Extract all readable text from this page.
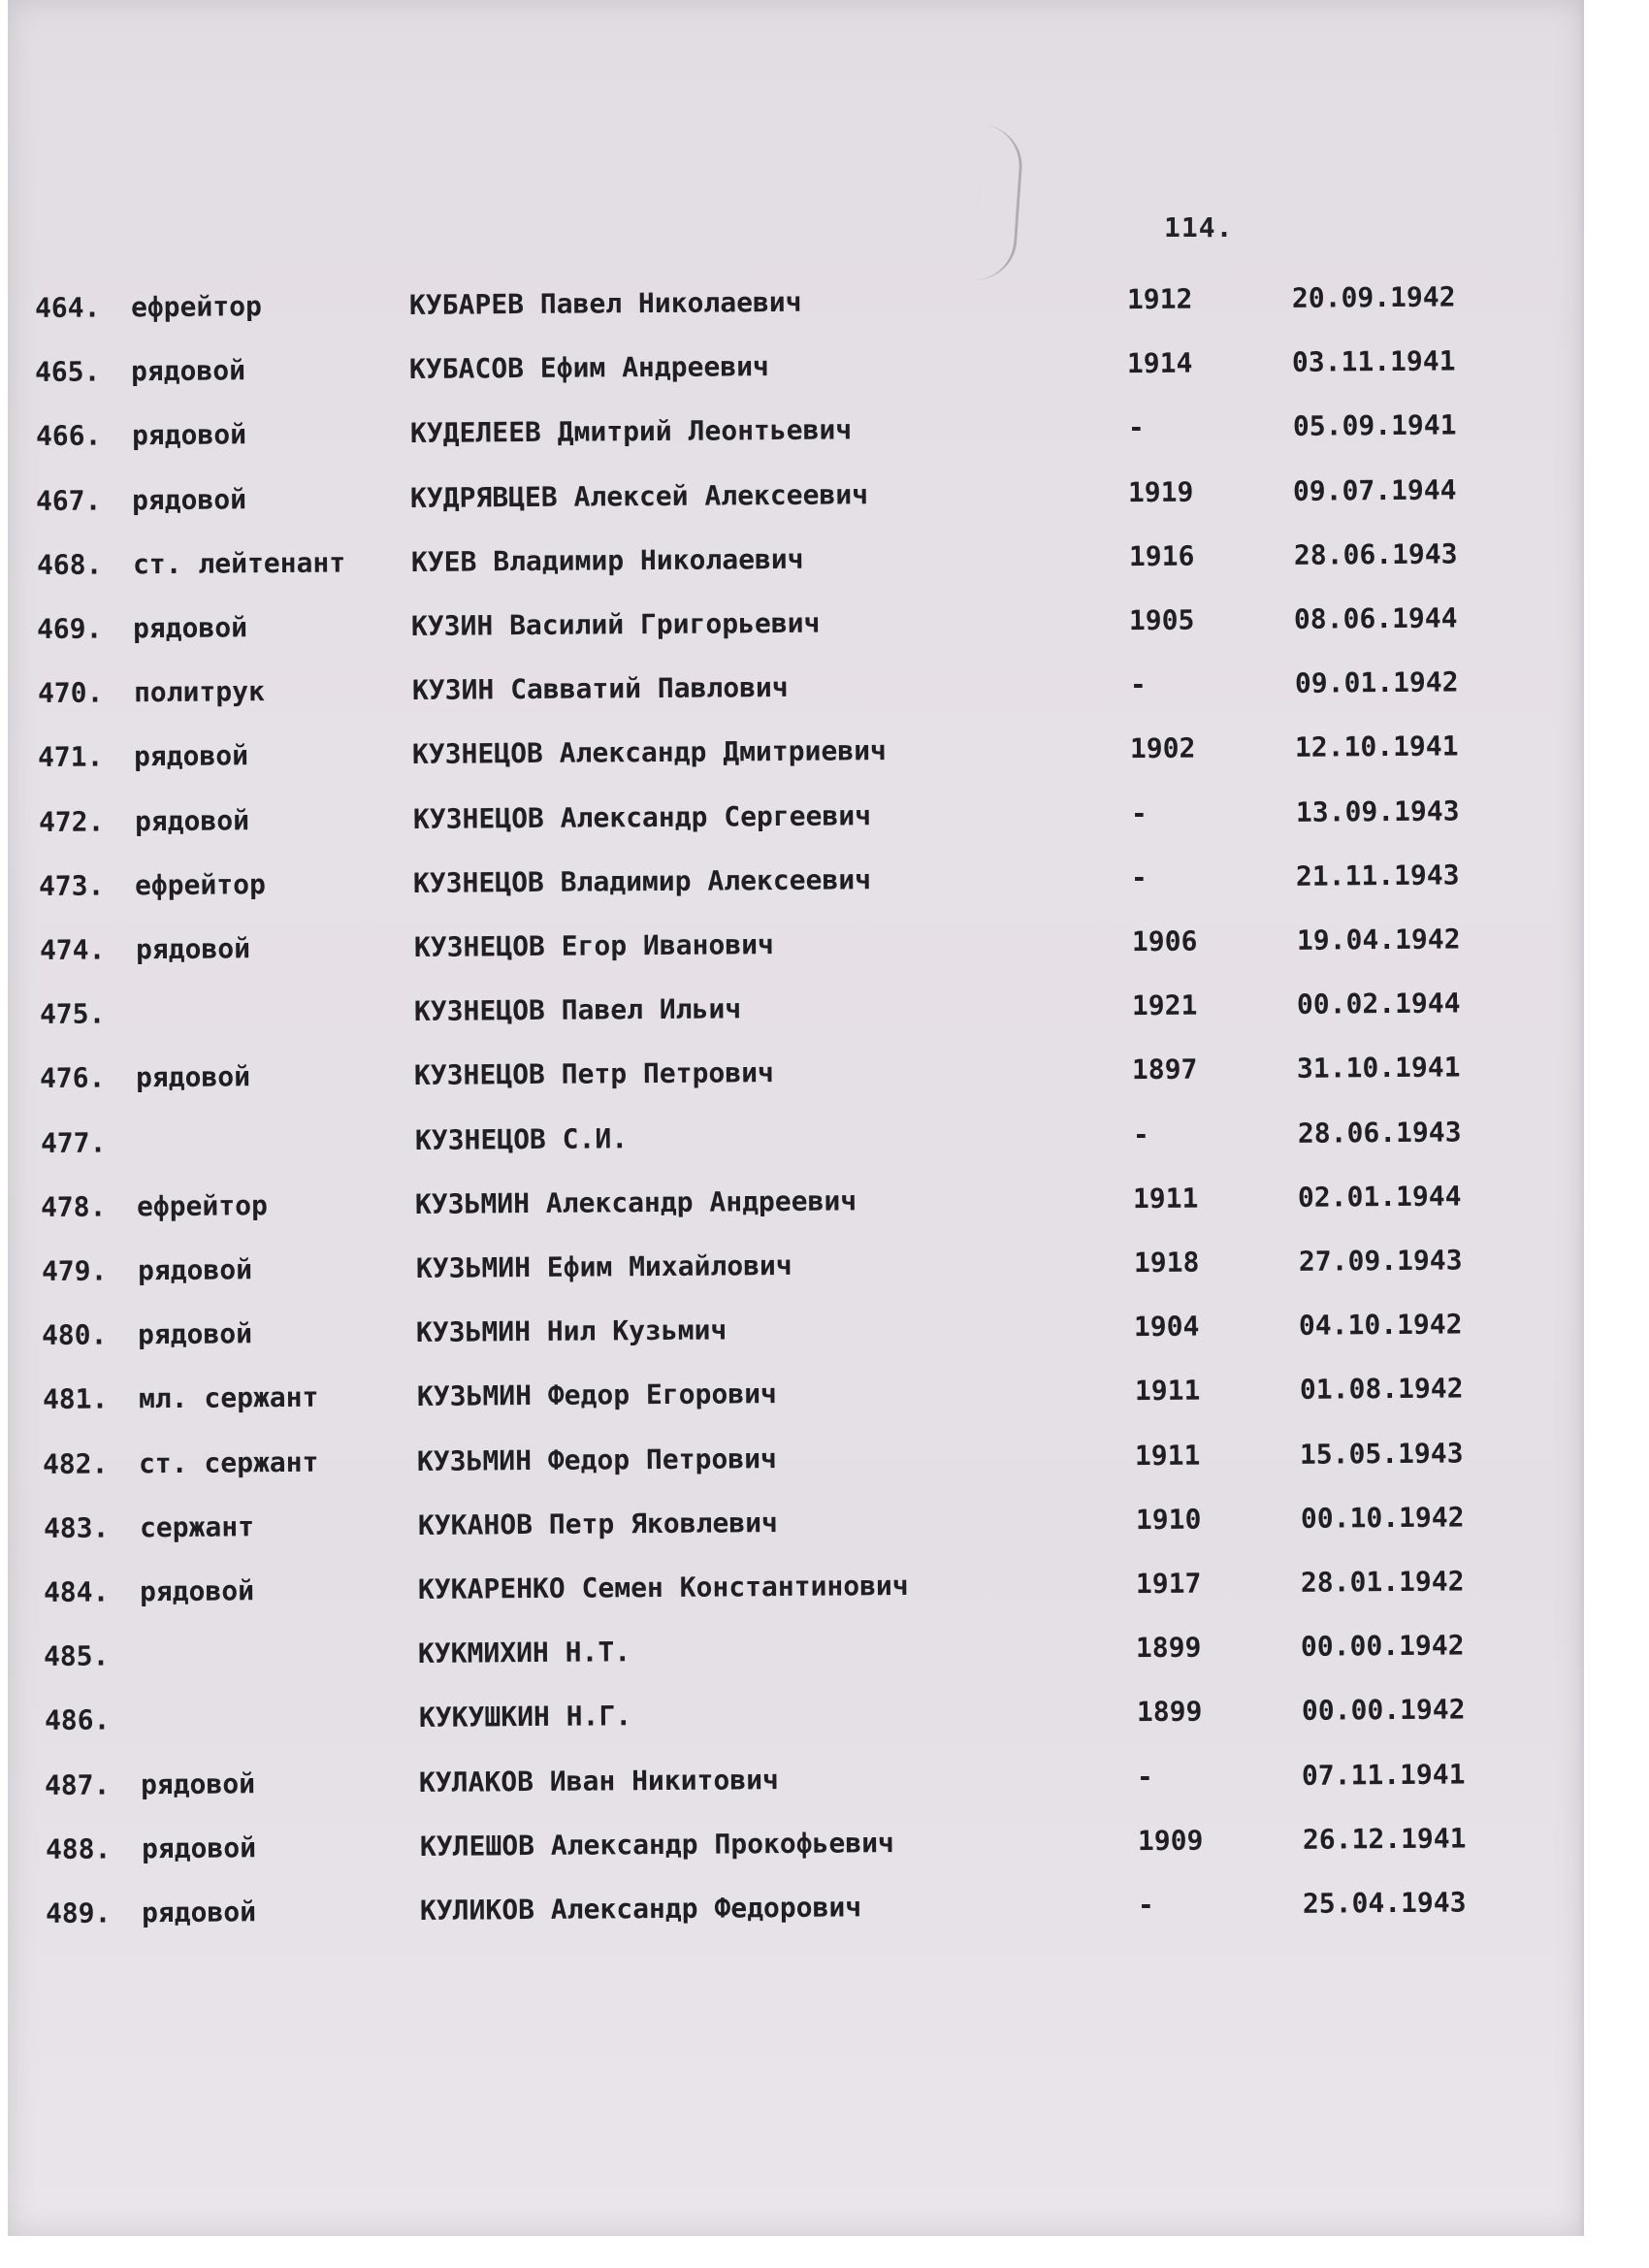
114.
464. ефрейтор	КУБАРЕВ Павел Николаевич	1912	20.09.1942
465. рядовой	КУБАСОВ Ефим Андреевич	1914	03.11.1941
466. рядовой	КУДЕЛЕЕВ Дмитрий Леонтьевич	-	05.09.1941
467. рядовой	КУДРЯВЦЕВ Алексей Алексеевич	1919	09.07.1944
468. ст. лейтенант КУЕВ Владимир Николаевич	1916	28.06.1943
469. рядовой	КУЗИН Василий Григорьевич	1905	08.06.1944
470. политрук	КУЗИН Савватий Павлович	-	09.01.1942
471. рядовой	КУЗНЕЦОВ Александр Дмитриевич	1902	12.10.1941
472. рядовой	КУЗНЕЦОВ Александр Сергеевич	-	13.09.1943
473. ефрейтор	КУЗНЕЦОВ Владимир Алексеевич	-	21.11.1943
474. рядовой	КУЗНЕЦОВ Егор Иванович	1906	19.04.1942
475.	КУЗНЕЦОВ Павел Ильич	1921	00.02.1944
476. рядовой	КУЗНЕЦОВ Петр Петрович	1897	31.10.1941
477.	КУЗНЕЦОВ С.И.	-	28.06.1943
478. ефрейтор	КУЗЬМИН Александр Андреевич	1911	02.01.1944
479. рядовой	КУЗЬМИН Ефим Михайлович	1918	27.09.1943
480. рядовой	КУЗЬМИН Нил Кузьмич	1904	04.10.1942
481. мл. сержант	КУЗЬМИН Федор Егорович	1911	01.08.1942
482. ст. сержант	КУЗЬМИН Федор Петрович	1911	15.05.1943
483. сержант	КУКАНОВ Петр Яковлевич	1910	00.10.1942
484. рядовой	КУКАРЕНКО Семен Константинович	1917	28.01.1942
485.	КУКМИХИН Н.Т.	1899	00.00.1942
486.	КУКУШКИН Н.Г.	1899	00.00.1942
487. рядовой	КУЛАКОВ Иван Никитович	-	07.11.1941
488. рядовой	КУЛЕШОВ Александр Прокофьевич	1909	26.12.1941
489. рядовой	КУЛИКОВ Александр Федорович	-	25.04.1943
